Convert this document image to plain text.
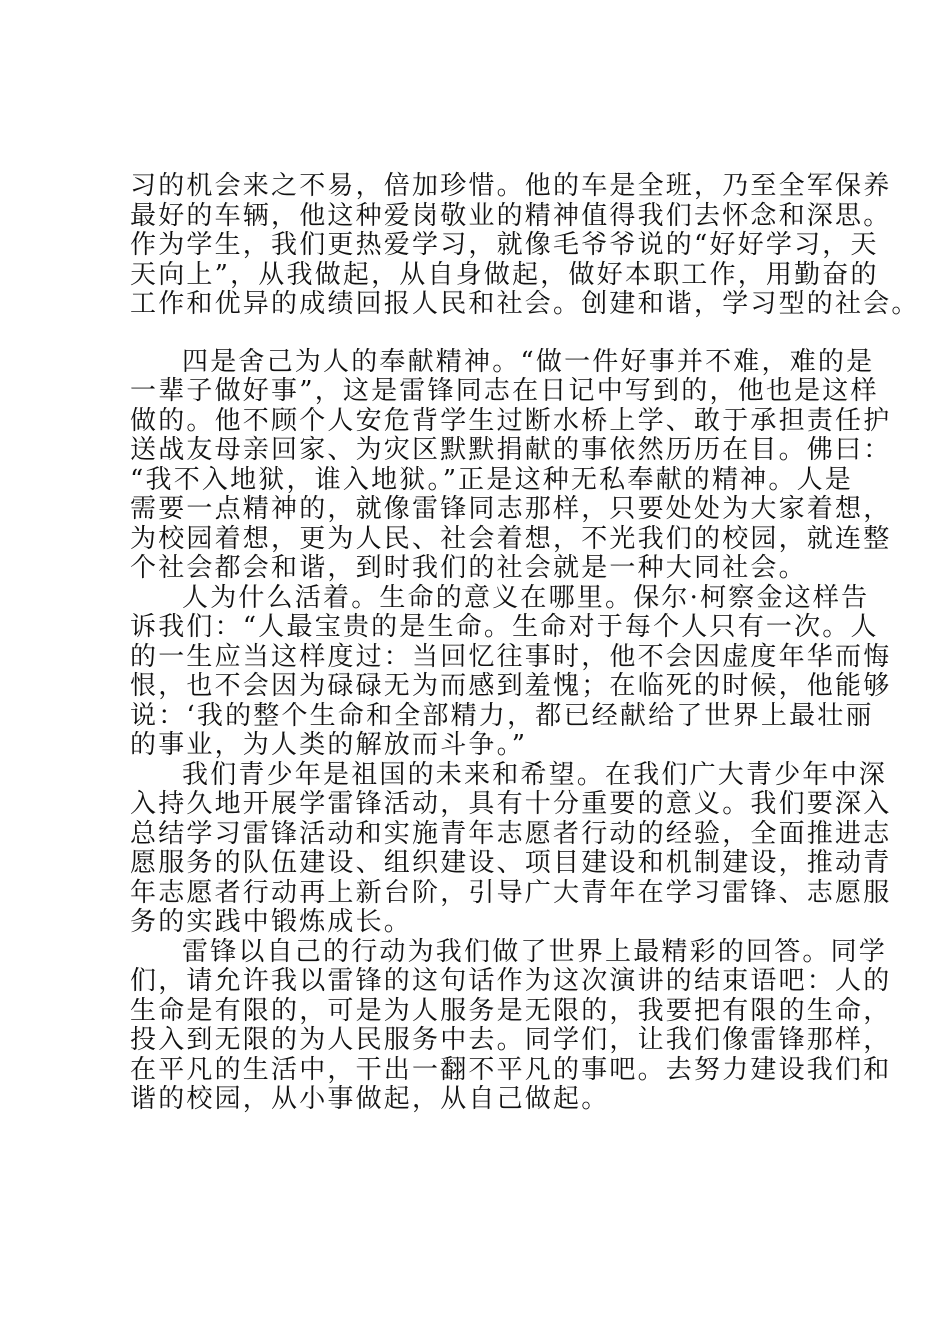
习的机会来之不易，倍加珍惜。他的车是全班，乃至全军保养
最好的车辆，他这种爱岗敬业的精神值得我们去怀念和深思。
作为学生，我们更热爱学习，就像毛爷爷说的“好好学习，天
天向上”，从我做起，从自身做起，做好本职工作，用勤奋的
工作和优异的成绩回报人民和社会。创建和谐，学习型的社会。
四是舍己为人的奉献精神。“做一件好事并不难，难的是
一辈子做好事”，这是雷锋同志在日记中写到的，他也是这样
做的。他不顾个人安危背学生过断水桥上学、敢于承担责任护
送战友母亲回家、为灾区默默捐献的事依然历历在目。佛曰：
“我不入地狱，谁入地狱。”正是这种无私奉献的精神。人是
需要一点精神的，就像雷锋同志那样，只要处处为大家着想，
为校园着想，更为人民、社会着想，不光我们的校园，就连整
个社会都会和谐，到时我们的社会就是一种大同社会。
人为什么活着。生命的意义在哪里。保尔·柯察金这样告
诉我们：“人最宝贵的是生命。生命对于每个人只有一次。人
的一生应当这样度过：当回忆往事时，他不会因虚度年华而悔
恨，也不会因为碌碌无为而感到羞愧；在临死的时候，他能够
说：‘我的整个生命和全部精力，都已经献给了世界上最壮丽
的事业，为人类的解放而斗争。”
我们青少年是祖国的未来和希望。在我们广大青少年中深
入持久地开展学雷锋活动，具有十分重要的意义。我们要深入
总结学习雷锋活动和实施青年志愿者行动的经验，全面推进志
愿服务的队伍建设、组织建设、项目建设和机制建设，推动青
年志愿者行动再上新台阶，引导广大青年在学习雷锋、志愿服
务的实践中锻炼成长。
雷锋以自己的行动为我们做了世界上最精彩的回答。同学
们，请允许我以雷锋的这句话作为这次演讲的结束语吧：人的
生命是有限的，可是为人服务是无限的，我要把有限的生命，
投入到无限的为人民服务中去。同学们，让我们像雷锋那样，
在平凡的生活中，干出一翻不平凡的事吧。去努力建设我们和
谐的校园，从小事做起，从自己做起。
